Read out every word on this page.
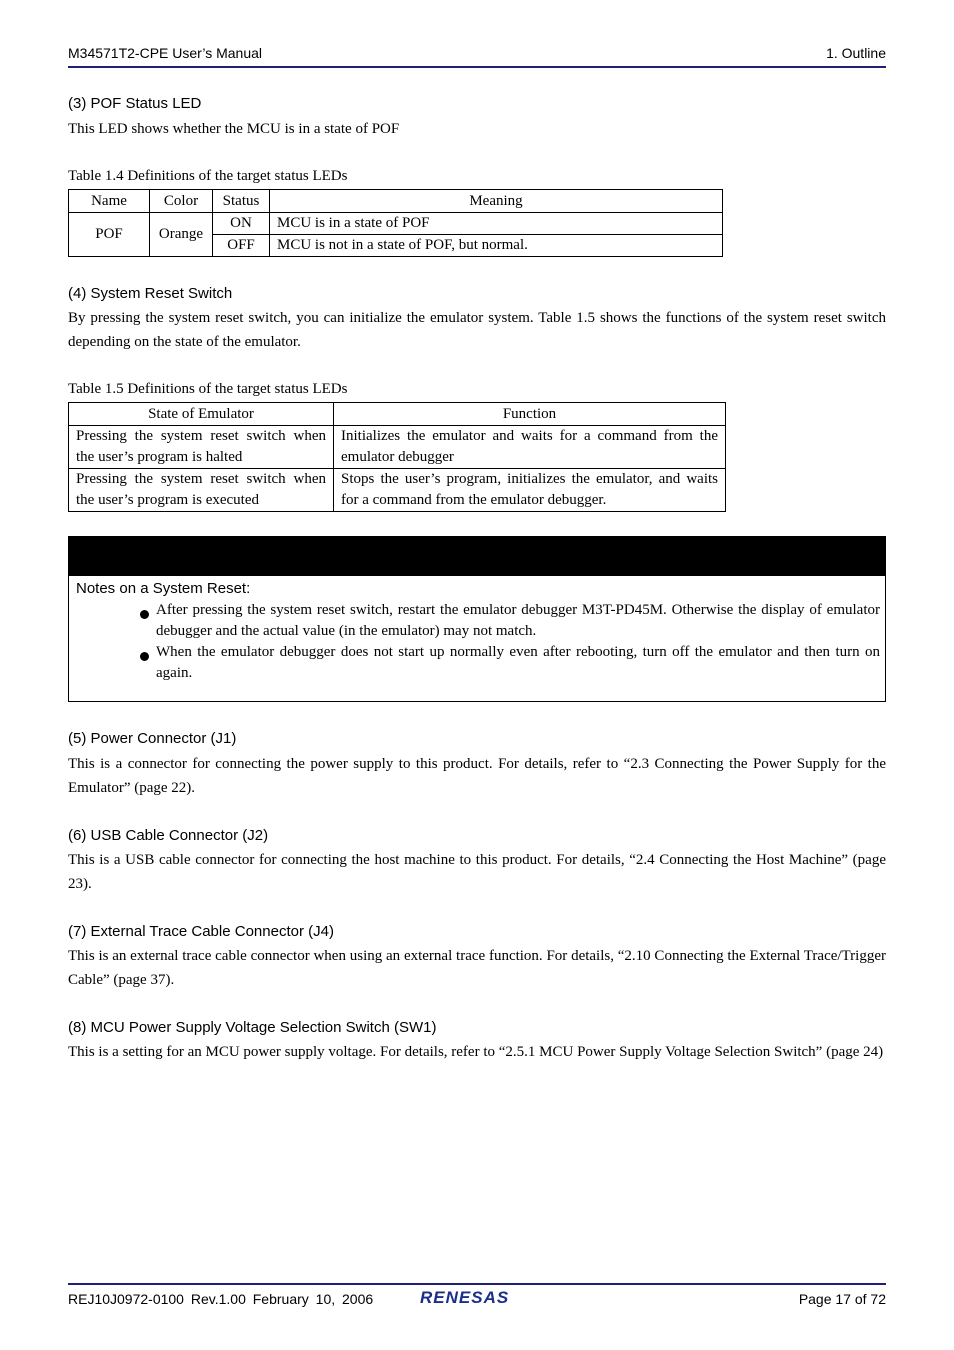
M34571T2-CPE User’s Manual	1. Outline
(3) POF Status LED
This LED shows whether the MCU is in a state of POF
Table 1.4 Definitions of the target status LEDs
Name	Color	Status	Meaning
POF	Orange	ON	MCU is in a state of POF
		OFF	MCU is not in a state of POF, but normal.
(4) System Reset Switch
By pressing the system reset switch, you can initialize the emulator system. Table 1.5 shows the functions of the system reset switch depending on the state of the emulator.
Table 1.5 Definitions of the target status LEDs
State of Emulator	Function
Pressing the system reset switch when the user’s program is halted	Initializes the emulator and waits for a command from the emulator debugger
Pressing the system reset switch when the user’s program is executed	Stops the user’s program, initializes the emulator, and waits for a command from the emulator debugger.
Notes on a System Reset:
After pressing the system reset switch, restart the emulator debugger M3T-PD45M. Otherwise the display of emulator debugger and the actual value (in the emulator) may not match.
When the emulator debugger does not start up normally even after rebooting, turn off the emulator and then turn on again.
(5) Power Connector (J1)
This is a connector for connecting the power supply to this product. For details, refer to “2.3 Connecting the Power Supply for the Emulator” (page 22).
(6) USB Cable Connector (J2)
This is a USB cable connector for connecting the host machine to this product. For details, “2.4 Connecting the Host Machine” (page 23).
(7) External Trace Cable Connector (J4)
This is an external trace cable connector when using an external trace function. For details, “2.10 Connecting the External Trace/Trigger Cable” (page 37).
(8) MCU Power Supply Voltage Selection Switch (SW1)
This is a setting for an MCU power supply voltage. For details, refer to “2.5.1 MCU Power Supply Voltage Selection Switch” (page 24)
REJ10J0972-0100 Rev.1.00 February 10, 2006	RENESAS	Page 17 of 72
